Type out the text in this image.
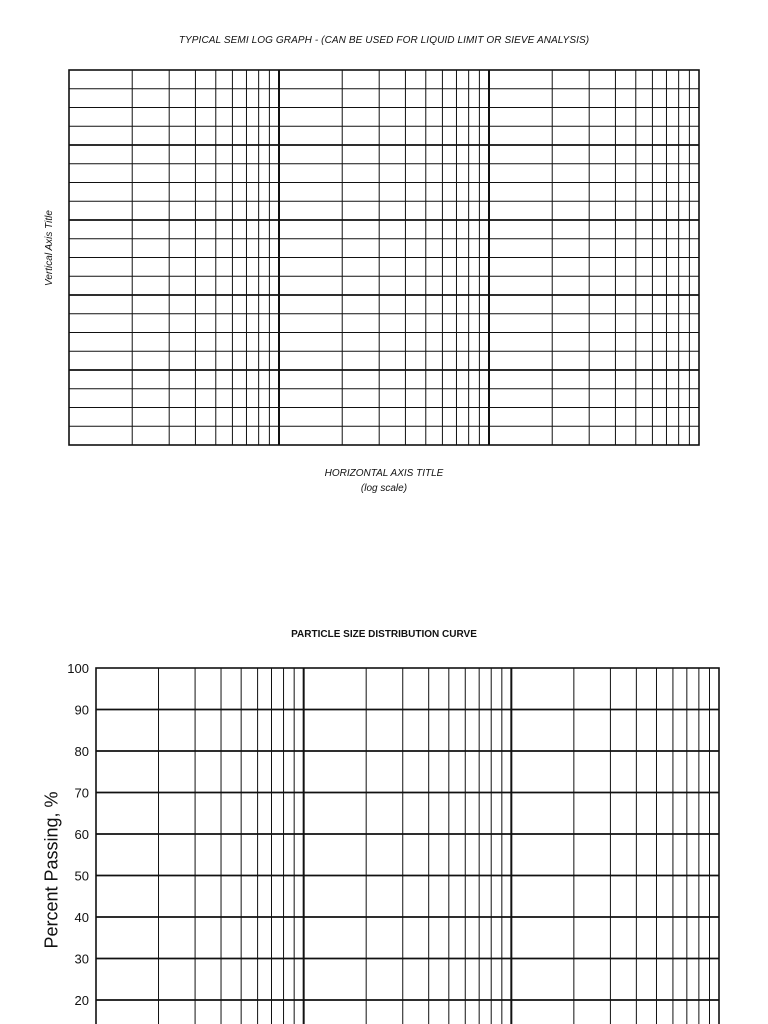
TYPICAL SEMI LOG GRAPH - (CAN BE USED FOR LIQUID LIMIT OR SIEVE ANALYSIS)
Vertical Axis Title
HORIZONTAL AXIS TITLE
(log scale)
PARTICLE SIZE DISTRIBUTION CURVE
Percent Passing, %
100
90
80
70
60
50
40
30
20
